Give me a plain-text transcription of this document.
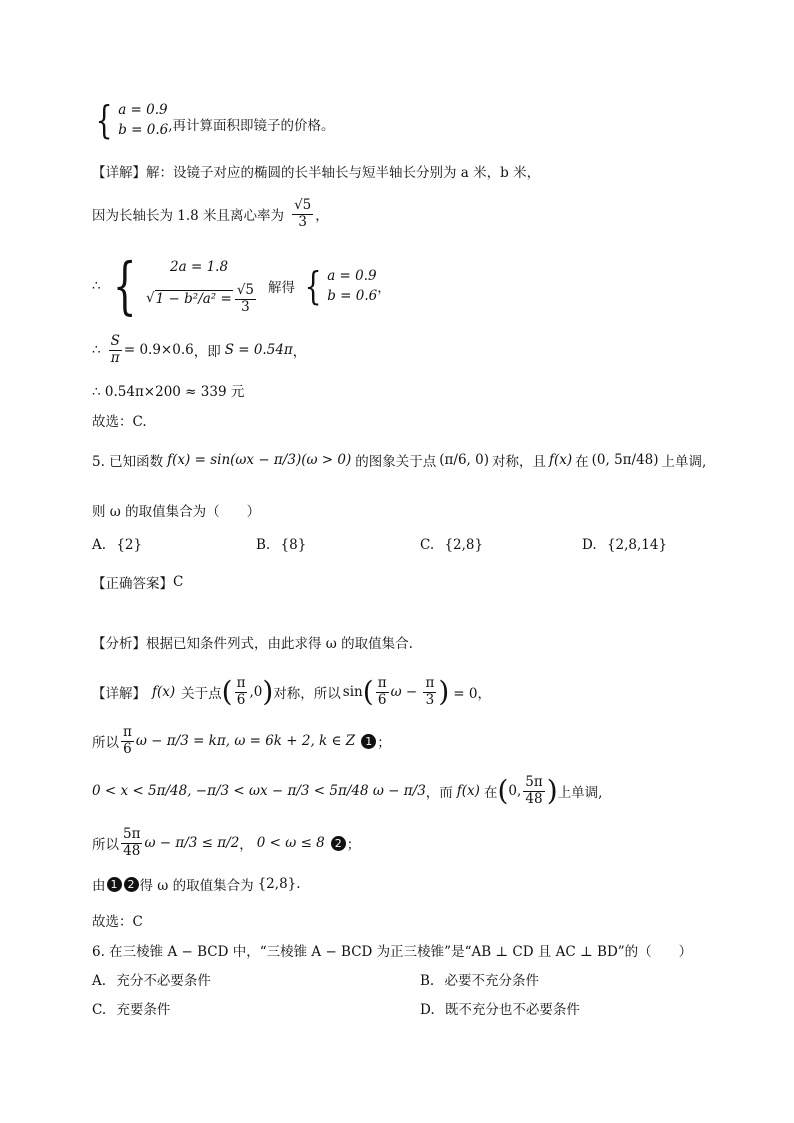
{ a = 0.9
b = 0.6 ,再计算面积即镜子的价格。
【详解】 解：设镜子对应的椭圆的长半轴长与短半轴长分别为 a 米，b 米，
因为长轴长为 1.8 米且离心率为 $\frac{√5}{3}$ ，
∴ {	2a = 1.8
√ $1 - b^2/a^2 = \frac{√5}{3}$ 解得 { a = 0.9
b = 0.6 ，
∴ $\frac{S}{\pi} = 0.9\times 0.6$ ，即 S = 0.54π ，
∴ 0.54π×200 ≈ 339 元
故选：C.
5. 已知函数 f(x) = sin(ωx − π/3)(ω > 0) 的图象关于点 (π/6, 0) 对称，且 f(x) 在 (0, 5π/48) 上单调,
则 ω 的取值集合为（　　）
A. {2}	B. {8}	C. {2,8}	D. {2,8,14}
【正确答案】 C
【分析】 根据已知条件列式，由此求得 ω 的取值集合.
【详解】 f(x) 关于点 ( $\frac{\pi}{6} ,0$ ) 对称，所以 sin ( $\frac{\pi}{6}$ $\omega - \frac{\pi}{3}$ ) = 0，
所以 $\frac{\pi}{6}$ ω − π/3 = kπ, ω = 6k + 2, k ∈ Z 1 ；
0 < x < 5π/48, −π/3 < ωx − π/3 < 5π/48 ω − π/3 ，而 f(x) 在 ( 0, $\frac{5\pi}{48}$ ) 上单调,
所以 $\frac{5\pi}{48}$ ω − π/3 ≤ π/2 ， 0 < ω ≤ 8 2 ；
由 1 2 得 ω 的取值集合为 {2,8} .
故选：C
6. 在三棱锥 A − BCD 中，“三棱锥 A − BCD 为正三棱锥”是“AB ⊥ CD 且 AC ⊥ BD”的（　　）
A. 充分不必要条件	B. 必要不充分条件
C. 充要条件	D. 既不充分也不必要条件
